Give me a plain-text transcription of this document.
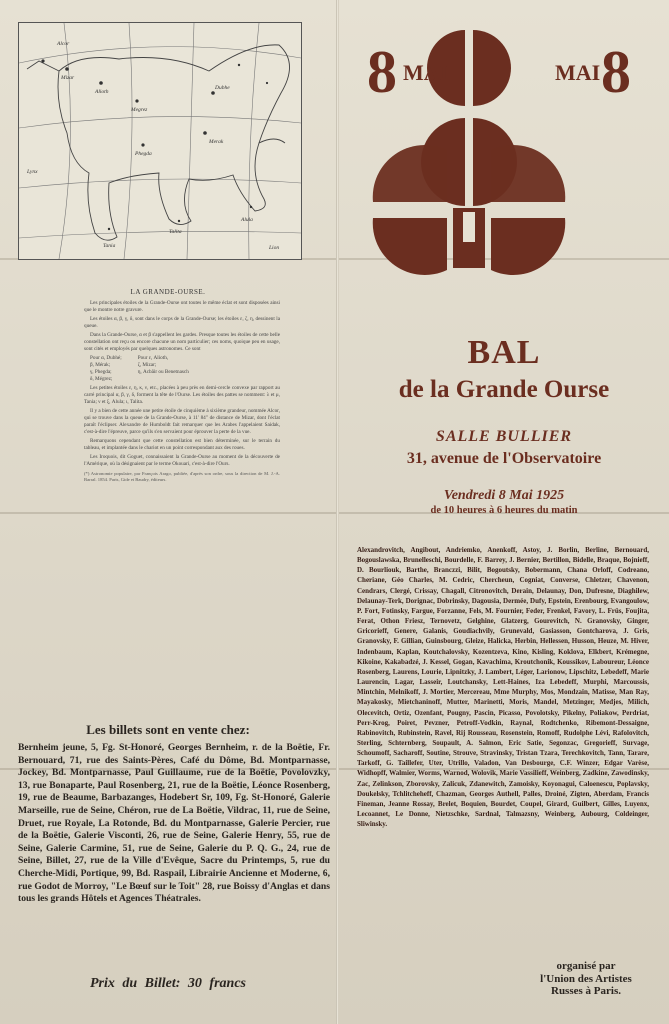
Alcor
Mizar
Alioth
Megrez
Phegda
Dubhe
Merak
Talita
Tania
Alula
Lynx
Lion
LA GRANDE-OURSE.

Les principales étoiles de la Grande-Ourse ont toutes le même éclat et sont disposées ainsi que le montre notre gravure.

Les étoiles α, β, γ, δ, sont dans le corps de la Grande-Ourse; les étoiles ε, ζ, η, dessinent la queue.

Dans la Grande-Ourse, α et β s'appellent les gardes. Presque toutes les étoiles de cette belle constellation ont reçu ou encore chacune un nom particulier; ces noms, quoique peu en usage, sont cités et employés par quelques astronomes. Ce sont

Pour α, Dubhé;
β, Mérak;
γ, Phegda;
δ, Mégrez;
Pour ε, Alioth,
ζ, Mizar;
η, Acbâir ou Benetnasch

Les petites étoiles ε, η, κ, ν, etc., placées à peu près en demi-cercle convexe par rapport au carré principal α, β, γ, δ, forment la tête de l'Ourse. Les étoiles des pattes se nomment: λ et μ, Tania; ν et ξ, Alula; ι, Talita.

Il y a bien de cette année une petite étoile de cinquième à sixième grandeur, nommée Alcor, qui se trouve dans la queue de la Grande-Ourse, à 11' 84" de distance de Mizar, dont l'éclat paraît l'éclipser. Alexandre de Humboldt fait remarquer que les Arabes l'appelaient Saidak, c'est-à-dire l'épreuve, parce qu'ils s'en servaient pour éprouver la perte de la vue.

Remarquons cependant que cette constellation est bien déterminée, sur le terrain du tableau, et implantée dans le chariot en un point correspondant aux des roues.

Les Iroquois, dit Goguet, connaissaient la Grande-Ourse au moment de la découverte de l'Amérique, où la désignaient par le terme Okouari, c'est-à-dire l'Ours.

(*) Astronomie populaire, par François Arago, publiée, d'après son ordre, sous la direction de M. J.-A. Barral. 1854. Paris, Gide et Baudry, éditeurs.
Les billets sont en vente chez:
Bernheim jeune, 5, Fg. St-Honoré, Georges Bernheim, r. de la Boëtie, Fr. Bernouard, 71, rue des Saints-Pères, Café du Dôme, Bd. Montparnasse, Jockey, Bd. Montparnasse, Paul Guillaume, rue de la Boëtie, Povolovzky, 13, rue Bonaparte, Paul Rosenberg, 21, rue de la Boëtie, Léonce Rosenberg, 19, rue de Beaume, Barbazanges, Hodebert Sr, 109, Fg. St-Honoré, Galerie Marseille, rue de Seine, Chéron, rue de La Boëtie, Vildrac, 11, rue de Seine, Druet, rue Royale, La Rotonde, Bd. du Montparnasse, Galerie Percier, rue de la Boëtie, Galerie Visconti, 26, rue de Seine, Galerie Henry, 55, rue de Seine, Galerie Carmine, 51, rue de Seine, Galerie du P. Q. G., 24, rue de Seine, Billet, 27, rue de la Ville d'Evêque, Sacre du Printemps, 5, rue du Cherche-Midi, Portique, 99, Bd. Raspail, Librairie Ancienne et Moderne, 6, rue Godot de Morroy, "Le Bœuf sur le Toit" 28, rue Boissy d'Anglas et dans tous les grands Hôtels et Agences Théatrales.
Prix du Billet: 30 francs
8 MAI	8
MAI
BAL
de la Grande Ourse
SALLE BULLIER
31, avenue de l'Observatoire
Vendredi 8 Mai 1925
de 10 heures à 6 heures du matin
Alexandrovitch, Angibout, Andriemko, Anenkoff, Astoy, J. Borlin, Berline, Bernouard, Bogouslawska, Brunelleschi, Bourdelle, F. Barrey, J. Bernier, Bertillon, Bidelle, Braque, Bojnieff, D. Bourliouk, Barthe, Branczzi, Bilit, Bogoutsky, Bobermann, Chana Orloff, Codreano, Cheriane, Géo Charles, M. Cedric, Chercheun, Cogniat, Converse, Chletzer, Chavenon, Cendrars, Clergé, Crissay, Chagall, Citronovitch, Derain, Delaunay, Don, Dufresne, Diaghilew, Delaunay-Terk, Dorignac, Dobrinsky, Dagousia, Dermée, Dufy, Epstein, Erenbourg, Evangoulow, P. Fort, Fotinsky, Fargue, Forzanne, Fels, M. Fournier, Feder, Frenkel, Favory, L. Früs, Foujita, Ferat, Othon Friesz, Ternovetz, Gelghine, Glatzerg, Gourevitch, N. Granovsky, Ginger, Gricorieff, Genere, Galanis, Goudiachvily, Grunevald, Gasiasson, Gontcharova, J. Gris, Granovsky, F. Gillian, Guinsbourg, Gleize, Halicka, Herbin, Hellessen, Husson, Heuze, M. Hiver, Indenbaum, Kaplan, Koutchalovsky, Kozentzeva, Kino, Kisling, Koklova, Elkbert, Krémegne, Kikoine, Kakabadzé, J. Kessel, Gogan, Kavachima, Kroutchonik, Koussikov, Laboureur, Léonce Rosenberg, Laurens, Lourie, Lipnitzky, J. Lambert, Léger, Larionow, Lipschitz, Lebedeff, Marie Laurencin, Lagar, Lasseir, Loutchansky, Lett-Haines, Iza Lebedeff, Murphi, Marcoussis, Mintchin, Melnikoff, J. Mortier, Mercereau, Mme Murphy, Mos, Mondzain, Matisse, Man Ray, Mayakosky, Mietchaninoff, Mutter, Marinetti, Moris, Mandel, Metzinger, Medjes, Milich, Olecevitch, Ortiz, Ozenfant, Pougny, Pascin, Picasso, Povolotsky, Pikelny, Poliakow, Perdriat, Perr-Krog, Poiret, Pevzner, Petroff-Vodkin, Raynal, Rodtchenko, Ribemont-Dessaigne, Rabinovitch, Rubinstein, Ravel, Rij Rousseau, Rosenstein, Romoff, Rudolphe Lévi, Rafolovitch, Sterling, Schternberg, Soupault, A. Salmon, Eric Satie, Segonzac, Gregorieff, Survage, Schoumoff, Sacharoff, Soutine, Strouve, Stravinsky, Tristan Tzara, Terechkovitch, Tann, Tarare, Tarkoff, G. Taillefer, Uter, Utrillo, Valadon, Van Desbourge, C.F. Winzer, Edgar Varèse, Widhopff, Walmier, Worms, Warnod, Wolovik, Marie Vassilieff, Weinberg, Zadkine, Zawodinsky, Zac, Zelinkson, Zborovsky, Zalicuk, Zdanewitch, Zamoisky, Koyonagui, Caloenescu, Poplavsky, Doukelsky, Tchlitcheheff, Chazman, Georges Authell, Palles, Droiné, Zigten, Aberdam, Francis Fineman, Jeanne Rossay, Brelet, Boquien, Bourdet, Coupel, Girard, Guilbert, Gilles, Luyenx, Lecoannet, Le Donne, Nietzschke, Sardnal, Talmazsny, Weinberg, Aubourg, Coldeinger, Sliwinsky.
organisé par
l'Union des Artistes
Russes à Paris.
